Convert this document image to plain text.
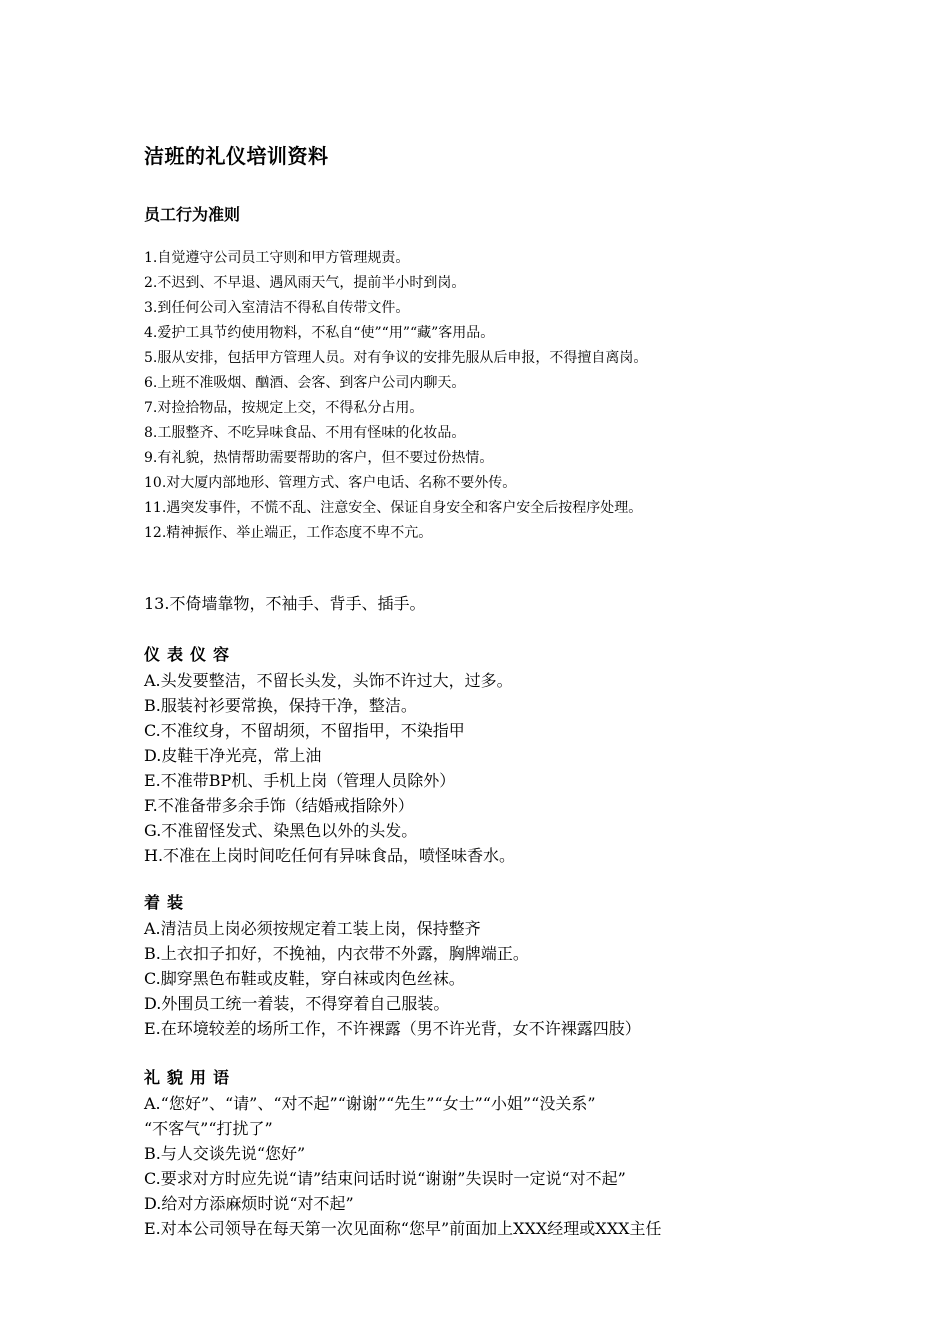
洁班的礼仪培训资料
员工行为准则
1.自觉遵守公司员工守则和甲方管理规责。
2.不迟到、不早退、遇风雨天气，提前半小时到岗。
3.到任何公司入室清洁不得私自传带文件。
4.爱护工具节约使用物料，不私自“使”“用”“藏”客用品。
5.服从安排，包括甲方管理人员。对有争议的安排先服从后申报，不得擅自离岗。
6.上班不准吸烟、酗酒、会客、到客户公司内聊天。
7.对捡拾物品，按规定上交，不得私分占用。
8.工服整齐、不吃异味食品、不用有怪味的化妆品。
9.有礼貌，热情帮助需要帮助的客户，但不要过份热情。
10.对大厦内部地形、管理方式、客户电话、名称不要外传。
11.遇突发事件，不慌不乱、注意安全、保证自身安全和客户安全后按程序处理。
12.精神振作、举止端正，工作态度不卑不亢。

13.不倚墙靠物，不袖手、背手、插手。

仪表仪容
A.头发要整洁，不留长头发，头饰不许过大，过多。
B.服装衬衫要常换，保持干净，整洁。
C.不准纹身，不留胡须，不留指甲，不染指甲
D.皮鞋干净光亮，常上油
E.不准带BP机、手机上岗（管理人员除外）
F.不准备带多余手饰（结婚戒指除外）
G.不准留怪发式、染黑色以外的头发。
H.不准在上岗时间吃任何有异味食品，喷怪味香水。
着装
A.清洁员上岗必须按规定着工装上岗，保持整齐
B.上衣扣子扣好，不挽袖，内衣带不外露，胸牌端正。
C.脚穿黑色布鞋或皮鞋，穿白袜或肉色丝袜。
D.外围员工统一着装，不得穿着自己服装。
E.在环境较差的场所工作，不许裸露（男不许光背，女不许裸露四肢）
礼貌用语
A.“您好”、“请”、“对不起”“谢谢”“先生”“女士”“小姐”“没关系”
“不客气”“打扰了”
B.与人交谈先说“您好”
C.要求对方时应先说“请”结束问话时说“谢谢”失误时一定说“对不起”
D.给对方添麻烦时说“对不起”
E.对本公司领导在每天第一次见面称“您早”前面加上XXX经理或XXX主任
